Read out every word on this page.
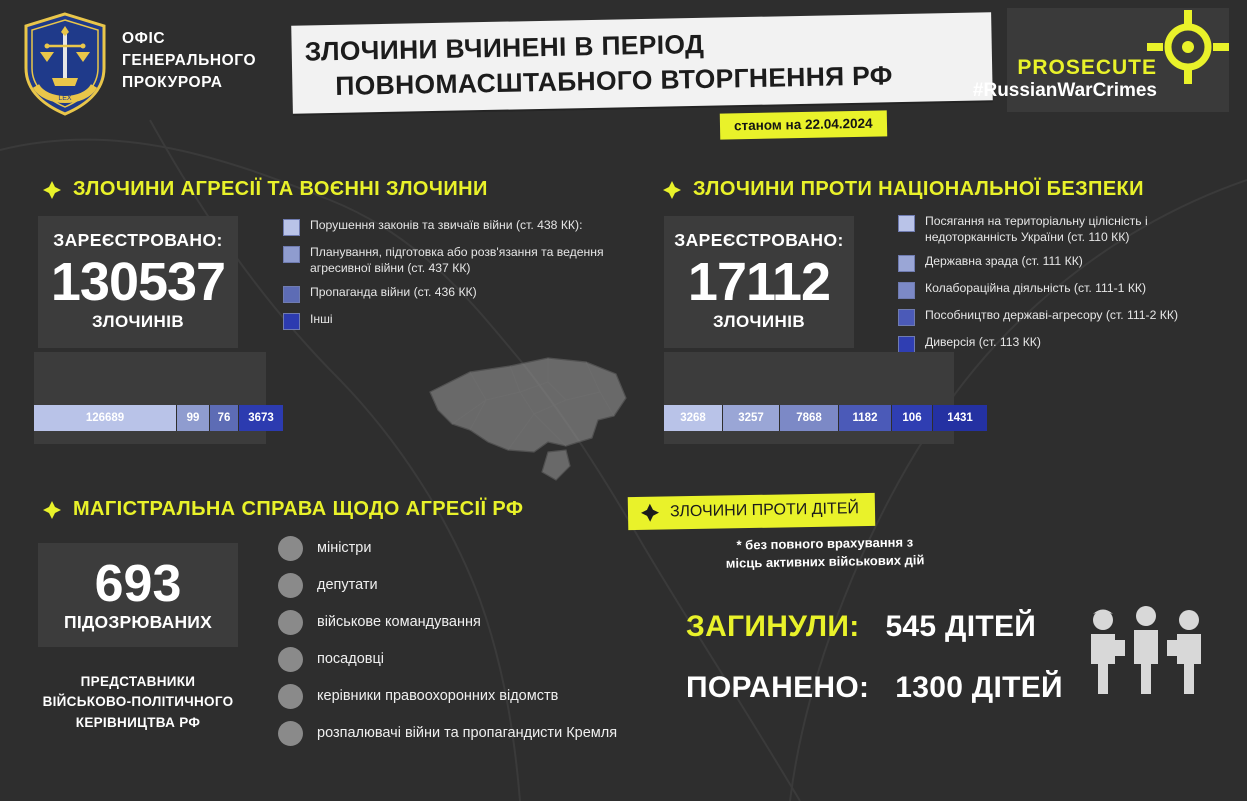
LEX
ОФІС
ГЕНЕРАЛЬНОГО
ПРОКУРОРА
ЗЛОЧИНИ ВЧИНЕНІ В ПЕРІОД
ПОВНОМАСШТАБНОГО ВТОРГНЕННЯ РФ
станом на 22.04.2024
PROSECUTE
#RussianWarCrimes
ЗЛОЧИНИ АГРЕСІЇ ТА ВОЄННІ ЗЛОЧИНИ
ЗАРЕЄСТРОВАНО:
130537
ЗЛОЧИНІВ
Порушення законів та звичаїв війни (ст. 438 КК):
Планування, підготовка або розв'язання та ведення агресивної війни (ст. 437 КК)
Пропаганда війни (ст. 436 КК)
Інші
126689	99	76	3673
ЗЛОЧИНИ ПРОТИ НАЦІОНАЛЬНОЇ БЕЗПЕКИ
ЗАРЕЄСТРОВАНО:
17112
ЗЛОЧИНІВ
Посягання на територіальну цілісність і недоторканність України (ст. 110 КК)
Державна зрада (ст. 111 КК)
Колабораційна діяльність (ст. 111-1 КК)
Пособництво державі-агресору (ст. 111-2 КК)
Диверсія (ст. 113 КК)
3268	3257	7868	1182	106	1431
МАГІСТРАЛЬНА СПРАВА ЩОДО АГРЕСІЇ РФ
693
ПІДОЗРЮВАНИХ
ПРЕДСТАВНИКИ
ВІЙСЬКОВО-ПОЛІТИЧНОГО
КЕРІВНИЦТВА РФ
міністри
депутати
військове командування
посадовці
керівники правоохоронних відомств
розпалювачі війни та пропагандисти Кремля
ЗЛОЧИНИ ПРОТИ ДІТЕЙ
* без повного врахування з
місць активних військових дій
ЗАГИНУЛИ: 545 ДІТЕЙ
ПОРАНЕНО: 1300 ДІТЕЙ
